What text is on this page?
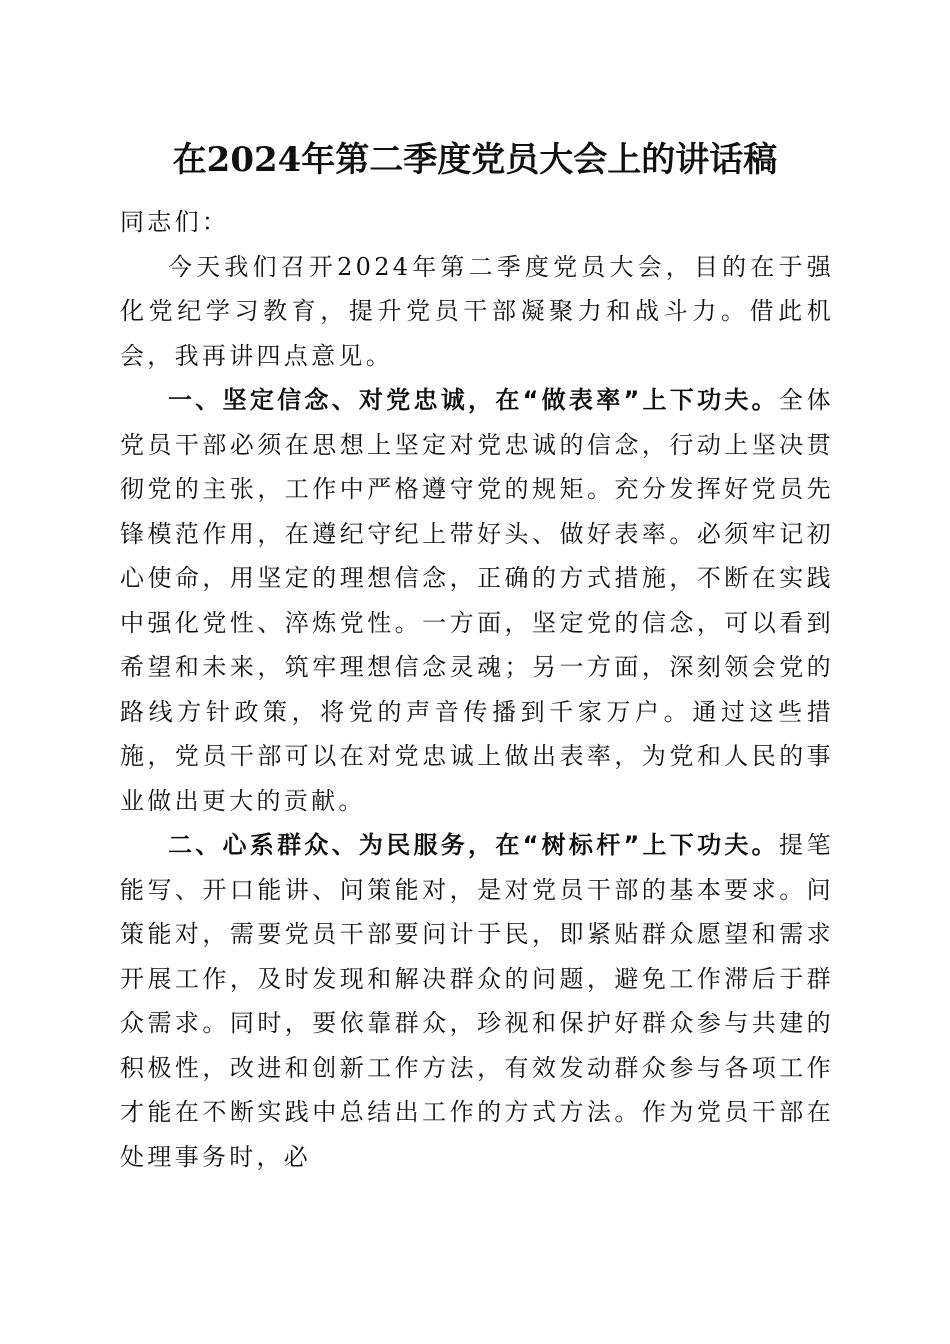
在2024年第二季度党员大会上的讲话稿

同志们：

今天我们召开2024年第二季度党员大会，目的在于强化党纪学习教育，提升党员干部凝聚力和战斗力。借此机会，我再讲四点意见。

一、坚定信念、对党忠诚，在“做表率”上下功夫。全体党员干部必须在思想上坚定对党忠诚的信念，行动上坚决贯彻党的主张，工作中严格遵守党的规矩。充分发挥好党员先锋模范作用，在遵纪守纪上带好头、做好表率。必须牢记初心使命，用坚定的理想信念，正确的方式措施，不断在实践中强化党性、淬炼党性。一方面，坚定党的信念，可以看到希望和未来，筑牢理想信念灵魂；另一方面，深刻领会党的路线方针政策，将党的声音传播到千家万户。通过这些措施，党员干部可以在对党忠诚上做出表率，为党和人民的事业做出更大的贡献。

二、心系群众、为民服务，在“树标杆”上下功夫。提笔能写、开口能讲、问策能对，是对党员干部的基本要求。问策能对，需要党员干部要问计于民，即紧贴群众愿望和需求开展工作，及时发现和解决群众的问题，避免工作滞后于群众需求。同时，要依靠群众，珍视和保护好群众参与共建的积极性，改进和创新工作方法，有效发动群众参与各项工作才能在不断实践中总结出工作的方式方法。作为党员干部在处理事务时，必
